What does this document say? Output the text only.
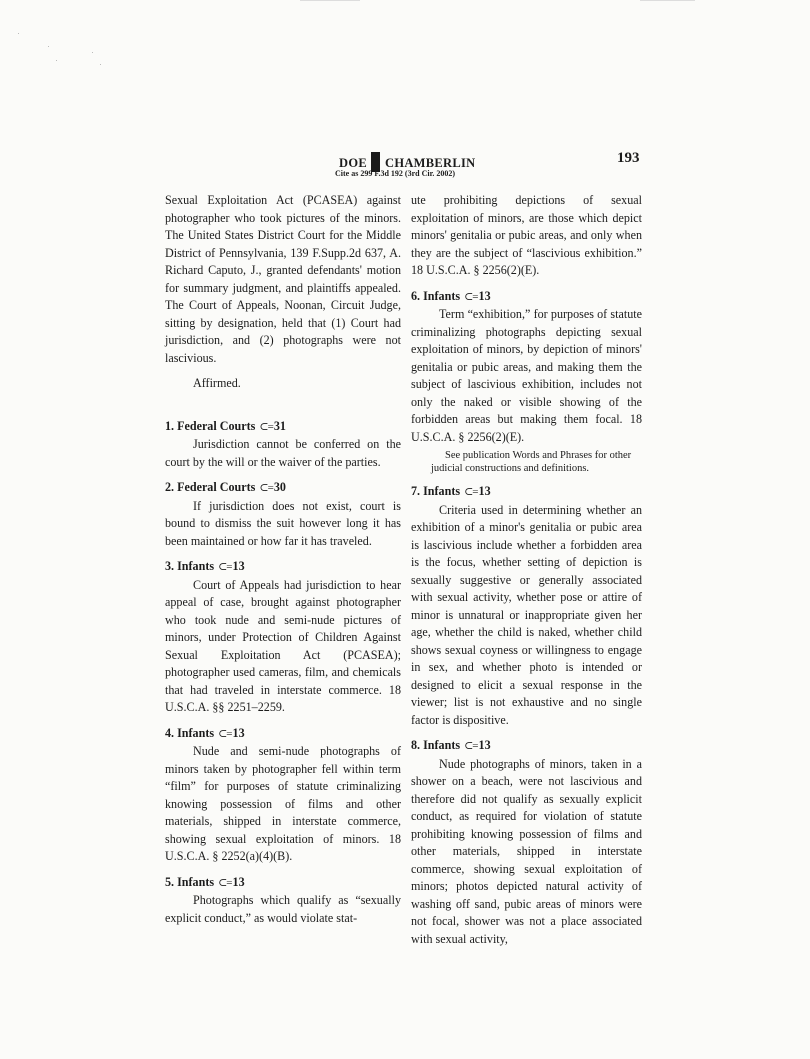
DOE CHAMBERLIN
Cite as 299 F.3d 192 (3rd Cir. 2002)
193

Sexual Exploitation Act (PCASEA) against photographer who took pictures of the minors. The United States District Court for the Middle District of Pennsylvania, 139 F.Supp.2d 637, A. Richard Caputo, J., granted defendants' motion for summary judgment, and plaintiffs appealed. The Court of Appeals, Noonan, Circuit Judge, sitting by designation, held that (1) Court had jurisdiction, and (2) photographs were not lascivious.

Affirmed.

1. Federal Courts ⊂=31

Jurisdiction cannot be conferred on the court by the will or the waiver of the parties.

2. Federal Courts ⊂=30

If jurisdiction does not exist, court is bound to dismiss the suit however long it has been maintained or how far it has traveled.

3. Infants ⊂=13

Court of Appeals had jurisdiction to hear appeal of case, brought against photographer who took nude and semi-nude pictures of minors, under Protection of Children Against Sexual Exploitation Act (PCASEA); photographer used cameras, film, and chemicals that had traveled in interstate commerce. 18 U.S.C.A. §§ 2251–2259.

4. Infants ⊂=13

Nude and semi-nude photographs of minors taken by photographer fell within term “film” for purposes of statute criminalizing knowing possession of films and other materials, shipped in interstate commerce, showing sexual exploitation of minors. 18 U.S.C.A. § 2252(a)(4)(B).

5. Infants ⊂=13

Photographs which qualify as “sexually explicit conduct,” as would violate stat-

ute prohibiting depictions of sexual exploitation of minors, are those which depict minors' genitalia or pubic areas, and only when they are the subject of “lascivious exhibition.” 18 U.S.C.A. § 2256(2)(E).

6. Infants ⊂=13

Term “exhibition,” for purposes of statute criminalizing photographs depicting sexual exploitation of minors, by depiction of minors' genitalia or pubic areas, and making them the subject of lascivious exhibition, includes not only the naked or visible showing of the forbidden areas but making them focal. 18 U.S.C.A. § 2256(2)(E).

See publication Words and Phrases for other judicial constructions and definitions.

7. Infants ⊂=13

Criteria used in determining whether an exhibition of a minor's genitalia or pubic area is lascivious include whether a forbidden area is the focus, whether setting of depiction is sexually suggestive or generally associated with sexual activity, whether pose or attire of minor is unnatural or inappropriate given her age, whether the child is naked, whether child shows sexual coyness or willingness to engage in sex, and whether photo is intended or designed to elicit a sexual response in the viewer; list is not exhaustive and no single factor is dispositive.

8. Infants ⊂=13

Nude photographs of minors, taken in a shower on a beach, were not lascivious and therefore did not qualify as sexually explicit conduct, as required for violation of statute prohibiting knowing possession of films and other materials, shipped in interstate commerce, showing sexual exploitation of minors; photos depicted natural activity of washing off sand, pubic areas of minors were not focal, shower was not a place associated with sexual activity,
